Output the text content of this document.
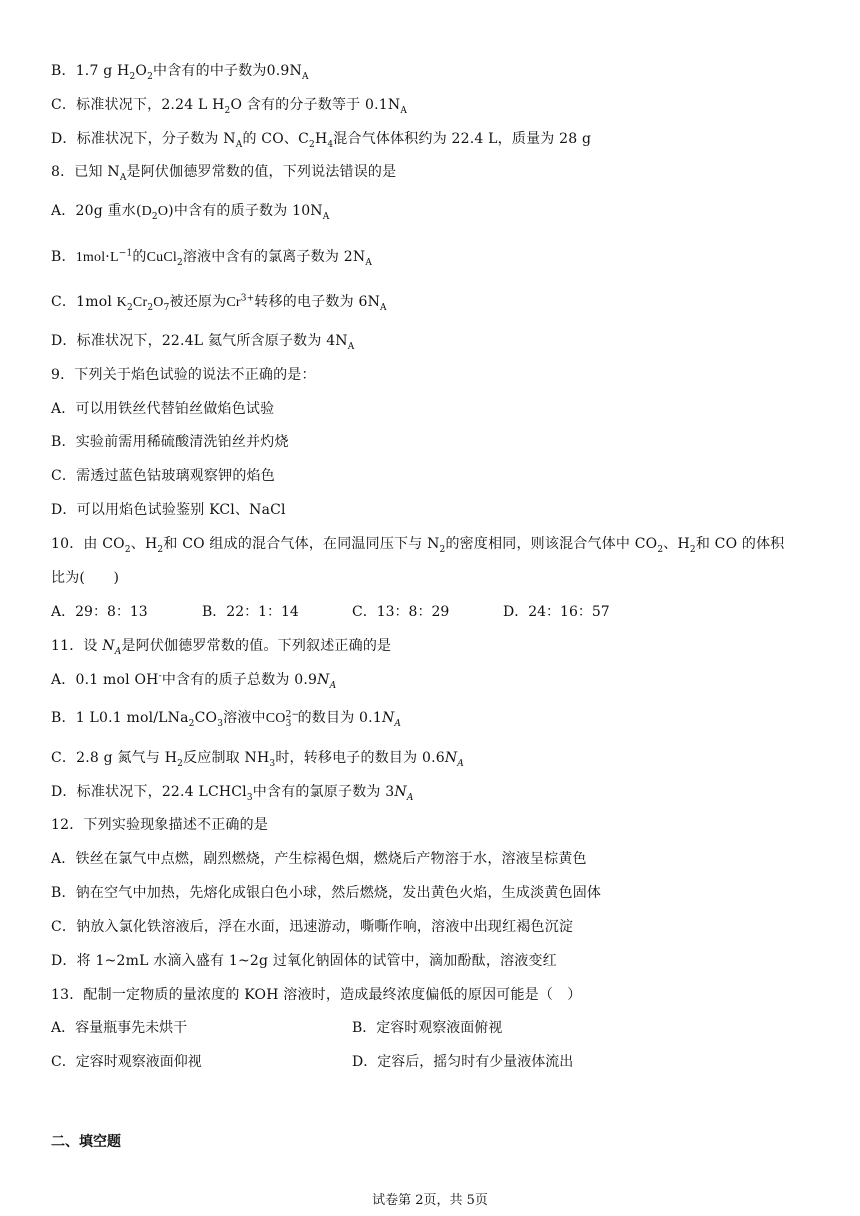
B．1.7 g $H_2O_2$中含有的中子数为$0.9N_A$
C．标准状况下，2.24 L $H_2O$ 含有的分子数等于 $0.1N_A$
D．标准状况下，分子数为 $N_A$的 CO、$C_2H_4$混合气体体积约为 22.4 L，质量为 28 g
8．已知 $N_A$是阿伏伽德罗常数的值，下列说法错误的是
A．20g 重水$(D_2O)$中含有的质子数为 $10N_A$
B．$1mol\cdot L^{-1}$的CuCl$_2$溶液中含有的氯离子数为 $2N_A$
C．1mol $K_2Cr_2O_7$被还原为$Cr^{3+}$转移的电子数为 $6N_A$
D．标准状况下，22.4L 氦气所含原子数为 $4N_A$
9．下列关于焰色试验的说法不正确的是：
A．可以用铁丝代替铂丝做焰色试验
B．实验前需用稀硫酸清洗铂丝并灼烧
C．需透过蓝色钴玻璃观察钾的焰色
D．可以用焰色试验鉴别 KCl、NaCl
10．由 $CO_2$、$H_2$和 CO 组成的混合气体，在同温同压下与 $N_2$的密度相同，则该混合气体中 $CO_2$、$H_2$和 CO 的体积
比为(　　)
A．29：8：13	B．22：1：14	C．13：8：29	D．24：16：57
11．设 $N_A$是阿伏伽德罗常数的值。下列叙述正确的是
A．0.1 mol OH-中含有的质子总数为 $0.9N_A$
B．1 L0.1 mol/$LNa_2CO_3$溶液中CO 2−
3 的数目为 $0.1N_A$
C．2.8 g 氮气与 $H_2$反应制取 $NH_3$时，转移电子的数目为 $0.6N_A$
D．标准状况下，22.4 LCHCl$_3$中含有的氯原子数为 $3N_A$
12．下列实验现象描述不正确的是
A．铁丝在氯气中点燃，剧烈燃烧，产生棕褐色烟，燃烧后产物溶于水，溶液呈棕黄色
B．钠在空气中加热，先熔化成银白色小球，然后燃烧，发出黄色火焰，生成淡黄色固体
C．钠放入氯化铁溶液后，浮在水面，迅速游动，嘶嘶作响，溶液中出现红褐色沉淀
D．将 1~2mL 水滴入盛有 1~2g 过氧化钠固体的试管中，滴加酚酞，溶液变红
13．配制一定物质的量浓度的 KOH 溶液时，造成最终浓度偏低的原因可能是（　）
A．容量瓶事先未烘干	B．定容时观察液面俯视
C．定容时观察液面仰视	D．定容后，摇匀时有少量液体流出
二、填空题
试卷第 2页，共 5页
